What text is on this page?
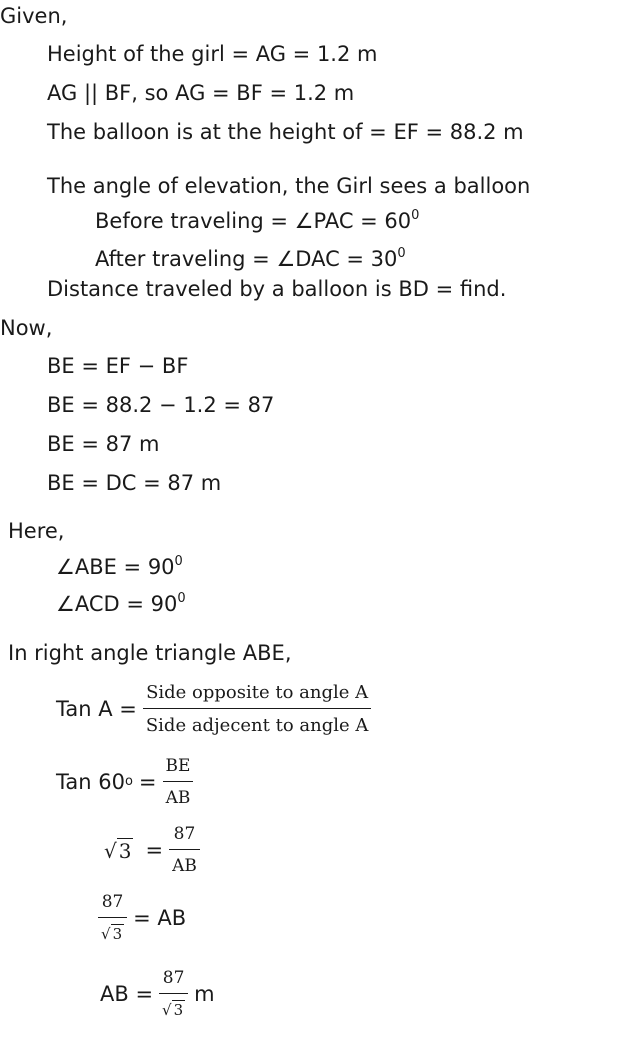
Given,
Height of the girl = AG = 1.2 m
AG || BF, so AG = BF = 1.2 m
The balloon is at the height of = EF = 88.2 m
The angle of elevation, the Girl sees a balloon
Before traveling = ∠PAC = $60^0$
After traveling = ∠DAC = $30^0$
Distance traveled by a balloon is BD = find.
Now,
BE = EF − BF
BE = 88.2 − 1.2 = 87
BE = 87 m
BE = DC = 87 m
Here,
∠ABE = $90^0$
∠ACD = $90^0$
In right angle triangle ABE,
Tan $A = \frac{\text{Side opposite to angle A}}{\text{Side adjecent to angle A}}$
Tan 60 $o = \frac{BE}{AB}$
√ $3 = \frac{87}{AB}$
$\frac{87}{√ 3}$ = AB
AB = $\frac{87}{√ 3}$ m
